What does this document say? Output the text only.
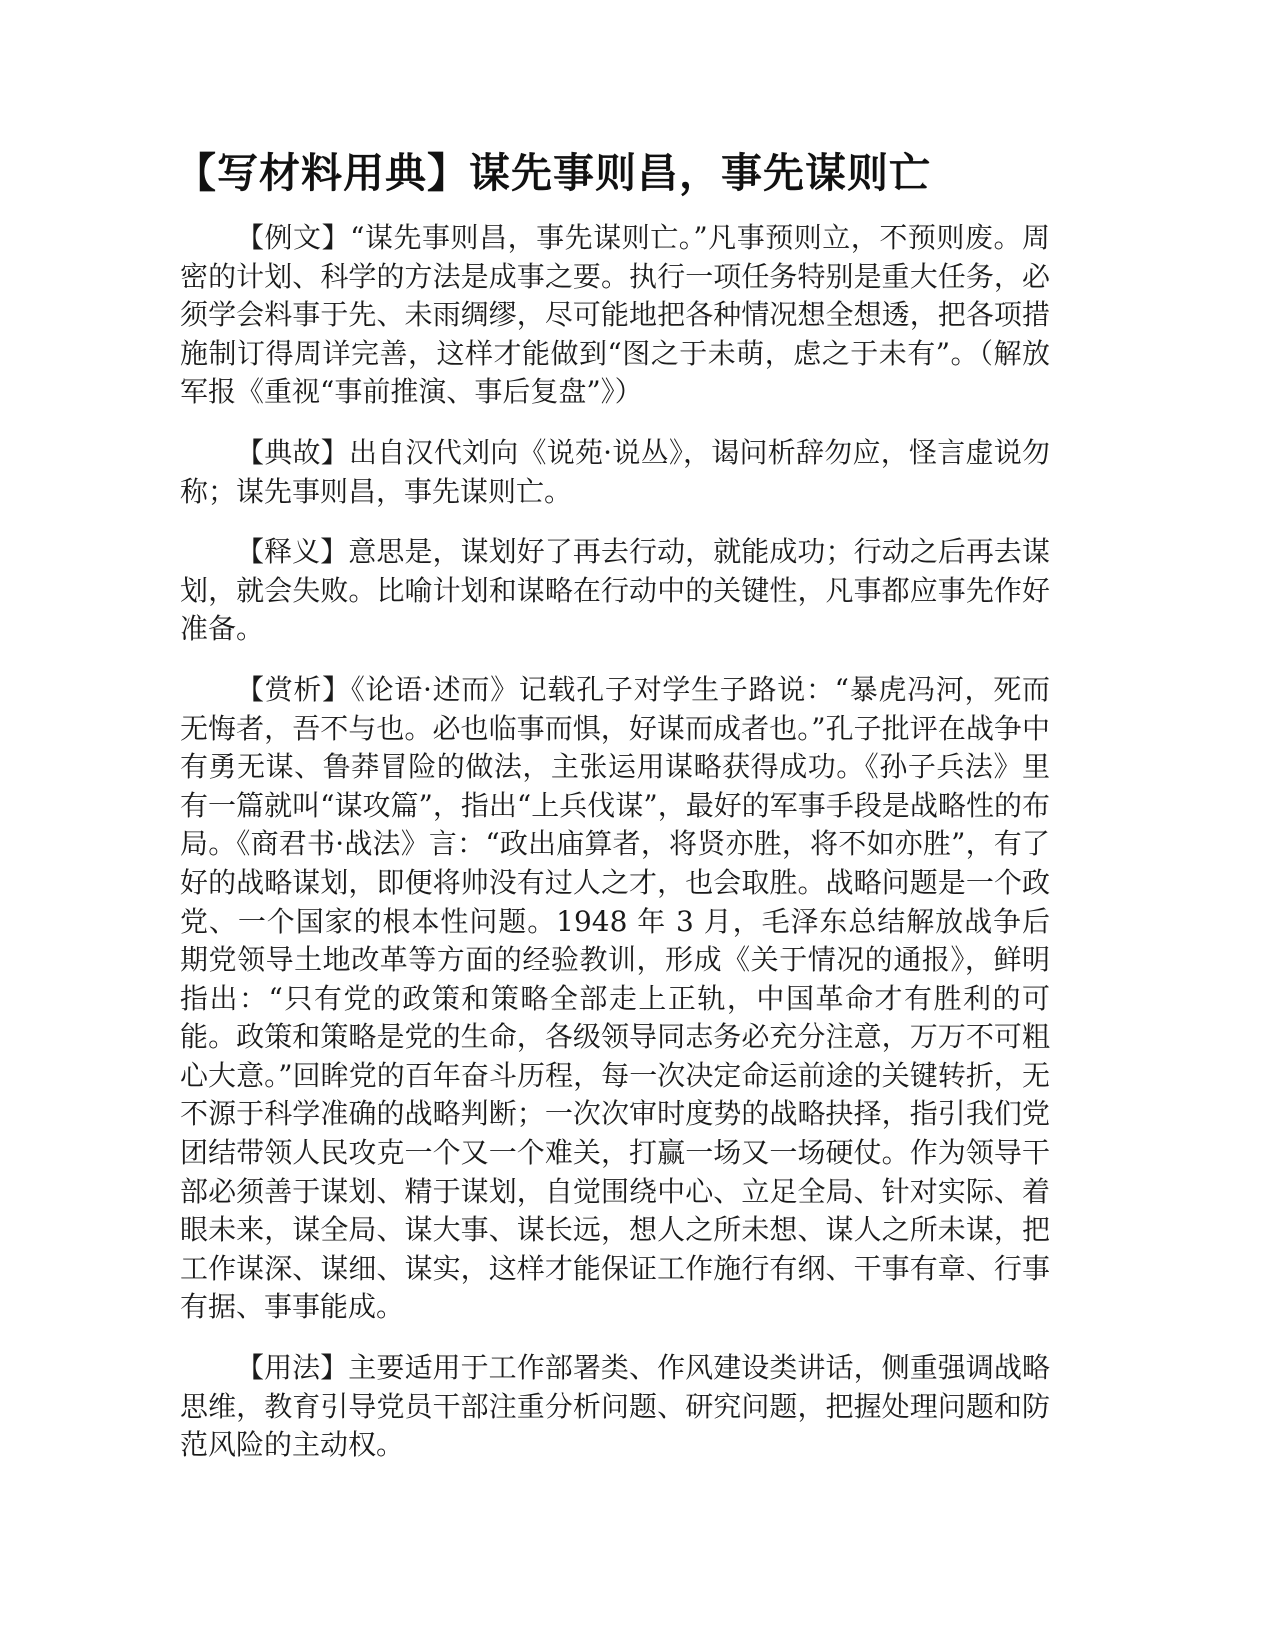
【写材料用典】谋先事则昌，事先谋则亡

【例文】“谋先事则昌，事先谋则亡。”凡事预则立，不预则废。周密的计划、科学的方法是成事之要。执行一项任务特别是重大任务，必须学会料事于先、未雨绸缪，尽可能地把各种情况想全想透，把各项措施制订得周详完善，这样才能做到“图之于未萌，虑之于未有”。（解放军报《重视“事前推演、事后复盘”》）

【典故】出自汉代刘向《说苑·说丛》，谒问析辞勿应，怪言虚说勿称；谋先事则昌，事先谋则亡。

【释义】意思是，谋划好了再去行动，就能成功；行动之后再去谋划，就会失败。比喻计划和谋略在行动中的关键性，凡事都应事先作好准备。

【赏析】《论语·述而》记载孔子对学生子路说：“暴虎冯河，死而无悔者，吾不与也。必也临事而惧，好谋而成者也。”孔子批评在战争中有勇无谋、鲁莽冒险的做法，主张运用谋略获得成功。《孙子兵法》里有一篇就叫“谋攻篇”，指出“上兵伐谋”，最好的军事手段是战略性的布局。《商君书·战法》言：“政出庙算者，将贤亦胜，将不如亦胜”，有了好的战略谋划，即便将帅没有过人之才，也会取胜。战略问题是一个政党、一个国家的根本性问题。1948 年 3 月，毛泽东总结解放战争后期党领导土地改革等方面的经验教训，形成《关于情况的通报》，鲜明指出：“只有党的政策和策略全部走上正轨，中国革命才有胜利的可能。政策和策略是党的生命，各级领导同志务必充分注意，万万不可粗心大意。”回眸党的百年奋斗历程，每一次决定命运前途的关键转折，无不源于科学准确的战略判断；一次次审时度势的战略抉择，指引我们党团结带领人民攻克一个又一个难关，打赢一场又一场硬仗。作为领导干部必须善于谋划、精于谋划，自觉围绕中心、立足全局、针对实际、着眼未来，谋全局、谋大事、谋长远，想人之所未想、谋人之所未谋，把工作谋深、谋细、谋实，这样才能保证工作施行有纲、干事有章、行事有据、事事能成。

【用法】主要适用于工作部署类、作风建设类讲话，侧重强调战略思维，教育引导党员干部注重分析问题、研究问题，把握处理问题和防范风险的主动权。
